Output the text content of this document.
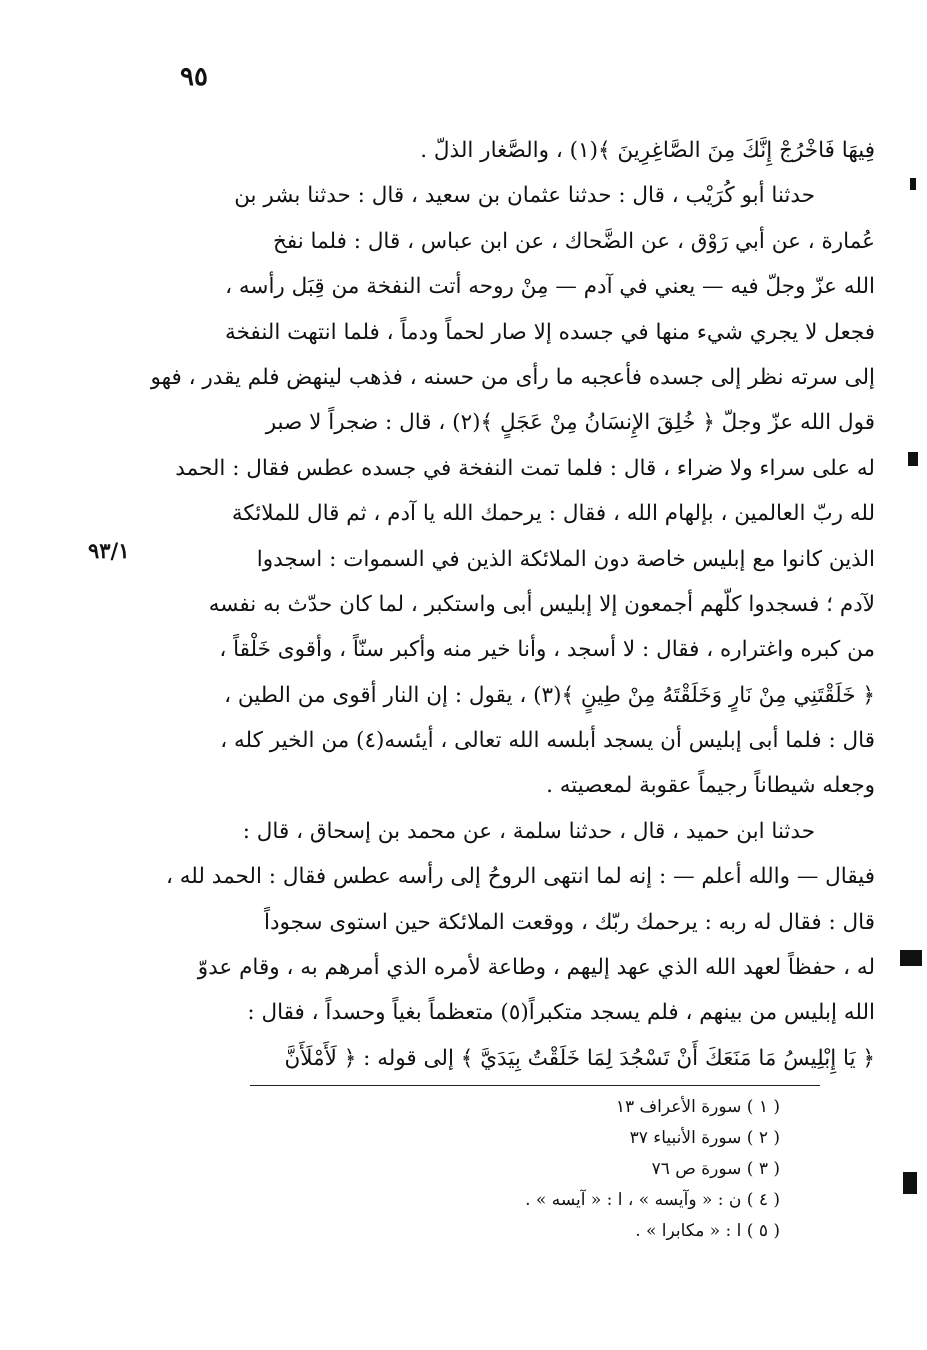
٩٥
٩٣/١
فِيهَا فَاخْرُجْ إِنَّكَ مِنَ الصَّاغِرِينَ ﴾(١) ، والصَّغار الذلّ .
حدثنا أبو كُرَيْب ، قال : حدثنا عثمان بن سعيد ، قال : حدثنا بشر بن
عُمارة ، عن أبي رَوْق ، عن الضَّحاك ، عن ابن عباس ، قال : فلما نفخ
الله عزّ وجلّ فيه — يعني في آدم — مِنْ روحه أتت النفخة من قِبَل رأسه ،
فجعل لا يجري شيء منها في جسده إلا صار لحماً ودماً ، فلما انتهت النفخة
إلى سرته نظر إلى جسده فأعجبه ما رأى من حسنه ، فذهب لينهض فلم يقدر ، فهو
قول الله عزّ وجلّ ﴿ خُلِقَ الإِنسَانُ مِنْ عَجَلٍ ﴾(٢) ، قال : ضجراً لا صبر
له على سراء ولا ضراء ، قال : فلما تمت النفخة في جسده عطس فقال : الحمد
لله ربّ العالمين ، بإلهام الله ، فقال : يرحمك الله يا آدم ، ثم قال للملائكة
الذين كانوا مع إبليس خاصة دون الملائكة الذين في السموات : اسجدوا
لآدم ؛ فسجدوا كلّهم أجمعون إلا إبليس أبى واستكبر ، لما كان حدّث به نفسه
من كبره واغتراره ، فقال : لا أسجد ، وأنا خير منه وأكبر سنّاً ، وأقوى خَلْقاً ،
﴿ خَلَقْتَنِي مِنْ نَارٍ وَخَلَقْتَهُ مِنْ طِينٍ ﴾(٣) ، يقول : إن النار أقوى من الطين ،
قال : فلما أبى إبليس أن يسجد أبلسه الله تعالى ، أيئسه(٤) من الخير كله ،
وجعله شيطاناً رجيماً عقوبة لمعصيته .
حدثنا ابن حميد ، قال ، حدثنا سلمة ، عن محمد بن إسحاق ، قال :
فيقال — والله أعلم — : إنه لما انتهى الروحُ إلى رأسه عطس فقال : الحمد لله ،
قال : فقال له ربه : يرحمك ربّك ، ووقعت الملائكة حين استوى سجوداً
له ، حفظاً لعهد الله الذي عهد إليهم ، وطاعة لأمره الذي أمرهم به ، وقام عدوّ
الله إبليس من بينهم ، فلم يسجد متكبراً(٥) متعظماً بغياً وحسداً ، فقال :
﴿ يَا إِبْلِيسُ مَا مَنَعَكَ أَنْ تَسْجُدَ لِمَا خَلَقْتُ بِيَدَيَّ ﴾ إلى قوله : ﴿ لَأَمْلَأَنَّ
( ١ ) سورة الأعراف ١٣
( ٢ ) سورة الأنبياء ٣٧
( ٣ ) سورة ص ٧٦
( ٤ ) ن : « وآيسه » ، ا : « آيسه » .
( ٥ ) ا : « مكابرا » .
